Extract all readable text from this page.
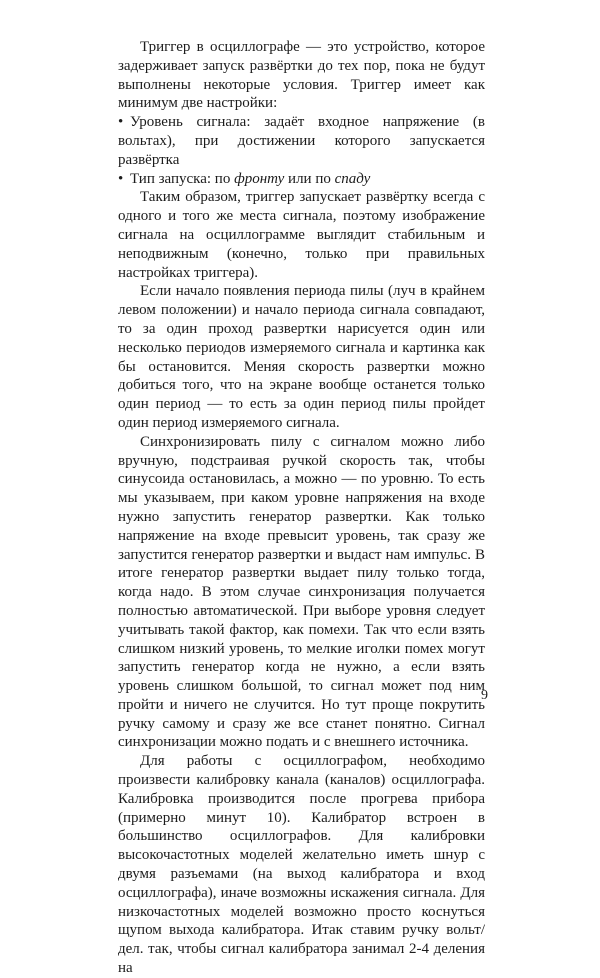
Триггер в осциллографе — это устройство, которое задерживает запуск развёртки до тех пор, пока не будут выполнены некоторые условия. Триггер имеет как минимум две настройки:

• Уровень сигнала: задаёт входное напряжение (в вольтах), при достижении которого запускается развёртка

• Тип запуска: по фронту или по спаду

Таким образом, триггер запускает развёртку всегда с одного и того же места сигнала, поэтому изображение сигнала на осциллограмме выглядит стабильным и неподвижным (конечно, только при правильных настройках триггера).

Если начало появления периода пилы (луч в крайнем левом положении) и начало периода сигнала совпадают, то за один проход развертки нарисуется один или несколько периодов измеряемого сигнала и картинка как бы остановится. Меняя скорость развертки можно добиться того, что на экране вообще останется только один период — то есть за один период пилы пройдет один период измеряемого сигнала.

Синхронизировать пилу с сигналом можно либо вручную, подстраивая ручкой скорость так, чтобы синусоида остановилась, а можно — по уровню. То есть мы указываем, при каком уровне напряжения на входе нужно запустить генератор развертки. Как только напряжение на входе превысит уровень, так сразу же запустится генератор развертки и выдаст нам импульс. В итоге генератор развертки выдает пилу только тогда, когда надо. В этом случае синхронизация получается полностью автоматической. При выборе уровня следует учитывать такой фактор, как помехи. Так что если взять слишком низкий уровень, то мелкие иголки помех могут запустить генератор когда не нужно, а если взять уровень слишком большой, то сигнал может под ним пройти и ничего не случится. Но тут проще покрутить ручку самому и сразу же все станет понятно. Сигнал синхронизации можно подать и с внешнего источника.

Для работы с осциллографом, необходимо произвести калибровку канала (каналов) осциллографа. Калибровка производится после прогрева прибора (примерно минут 10). Калибратор встроен в большинство осциллографов. Для калибровки высокочастотных моделей желательно иметь шнур с двумя разъемами (на выход калибратора и вход осциллографа), иначе возможны искажения сигнала. Для низкочастотных моделей возможно просто коснуться щупом выхода калибратора. Итак ставим ручку вольт/дел. так, чтобы сигнал калибратора занимал 2-4 деления на

9
